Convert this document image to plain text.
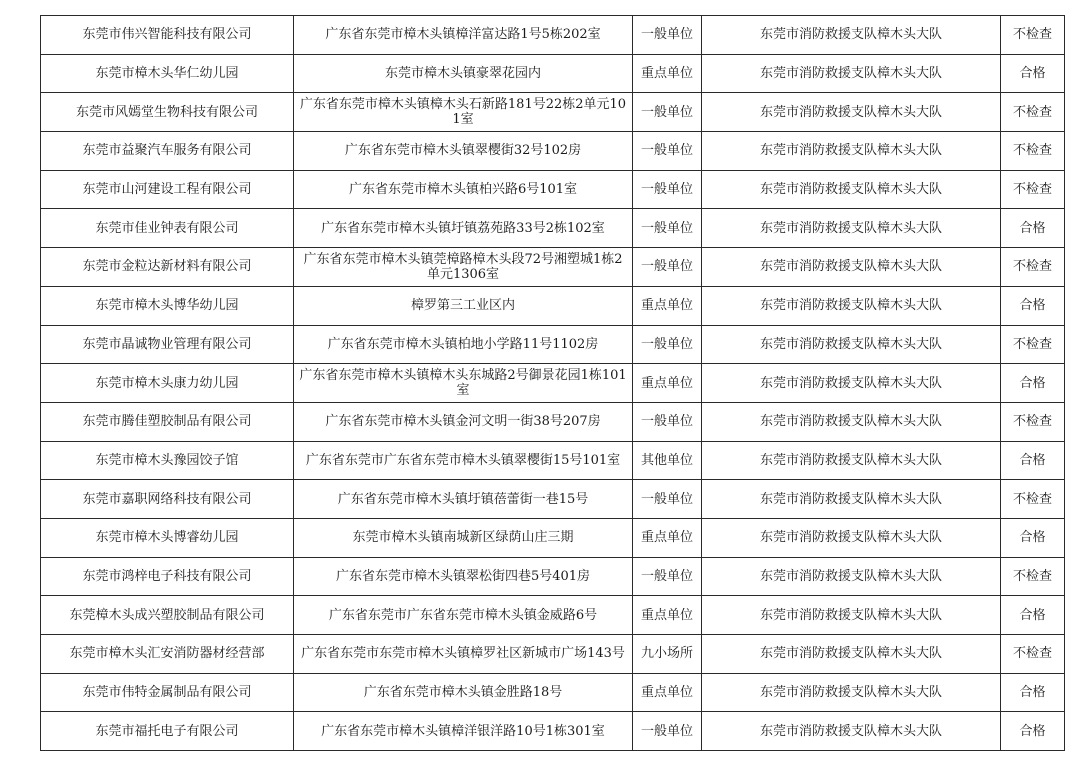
东莞市伟兴智能科技有限公司	广东省东莞市樟木头镇樟洋富达路1号5栋202室	一般单位	东莞市消防救援支队樟木头大队	不检查
东莞市樟木头华仁幼儿园	东莞市樟木头镇豪翠花园内	重点单位	东莞市消防救援支队樟木头大队	合格
东莞市风嫣堂生物科技有限公司	广东省东莞市樟木头镇樟木头石新路181号22栋2单元101室	一般单位	东莞市消防救援支队樟木头大队	不检查
东莞市益聚汽车服务有限公司	广东省东莞市樟木头镇翠樱街32号102房	一般单位	东莞市消防救援支队樟木头大队	不检查
东莞市山河建设工程有限公司	广东省东莞市樟木头镇柏兴路6号101室	一般单位	东莞市消防救援支队樟木头大队	不检查
东莞市佳业钟表有限公司	广东省东莞市樟木头镇圩镇荔苑路33号2栋102室	一般单位	东莞市消防救援支队樟木头大队	合格
东莞市金粒达新材料有限公司	广东省东莞市樟木头镇莞樟路樟木头段72号湘塑城1栋2单元1306室	一般单位	东莞市消防救援支队樟木头大队	不检查
东莞市樟木头博华幼儿园	樟罗第三工业区内	重点单位	东莞市消防救援支队樟木头大队	合格
东莞市晶诚物业管理有限公司	广东省东莞市樟木头镇柏地小学路11号1102房	一般单位	东莞市消防救援支队樟木头大队	不检查
东莞市樟木头康力幼儿园	广东省东莞市樟木头镇樟木头东城路2号御景花园1栋101室	重点单位	东莞市消防救援支队樟木头大队	合格
东莞市腾佳塑胶制品有限公司	广东省东莞市樟木头镇金河文明一街38号207房	一般单位	东莞市消防救援支队樟木头大队	不检查
东莞市樟木头豫园饺子馆	广东省东莞市广东省东莞市樟木头镇翠樱街15号101室	其他单位	东莞市消防救援支队樟木头大队	合格
东莞市嘉职网络科技有限公司	广东省东莞市樟木头镇圩镇蓓蕾街一巷15号	一般单位	东莞市消防救援支队樟木头大队	不检查
东莞市樟木头博睿幼儿园	东莞市樟木头镇南城新区绿荫山庄三期	重点单位	东莞市消防救援支队樟木头大队	合格
东莞市鸿梓电子科技有限公司	广东省东莞市樟木头镇翠松街四巷5号401房	一般单位	东莞市消防救援支队樟木头大队	不检查
东莞樟木头成兴塑胶制品有限公司	广东省东莞市广东省东莞市樟木头镇金威路6号	重点单位	东莞市消防救援支队樟木头大队	合格
东莞市樟木头汇安消防器材经营部	广东省东莞市东莞市樟木头镇樟罗社区新城市广场143号	九小场所	东莞市消防救援支队樟木头大队	不检查
东莞市伟特金属制品有限公司	广东省东莞市樟木头镇金胜路18号	重点单位	东莞市消防救援支队樟木头大队	合格
东莞市福托电子有限公司	广东省东莞市樟木头镇樟洋银洋路10号1栋301室	一般单位	东莞市消防救援支队樟木头大队	合格
